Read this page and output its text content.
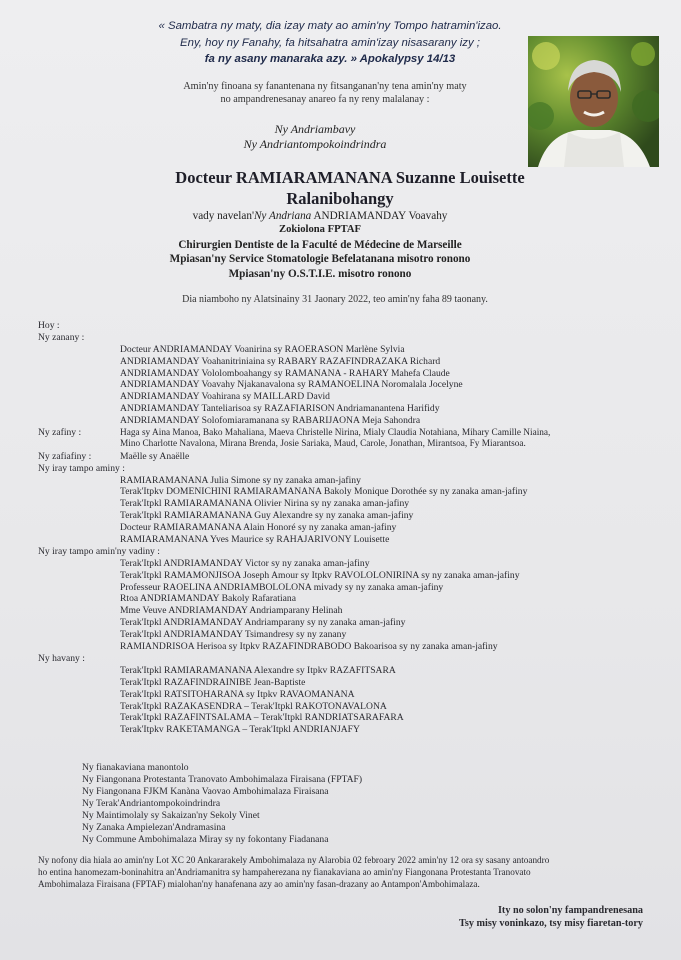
« Sambatra ny maty, dia izay maty ao amin'ny Tompo hatramin'izao.
Eny, hoy ny Fanahy, fa hitsahatra amin'izay nisasarany izy ;
fa ny asany manaraka azy. » Apokalypsy 14/13
Amin'ny finoana sy fanantenana ny fitsanganan'ny tena amin'ny maty
no ampandrenesanay anareo fa ny reny malalanay :
Ny Andriambavy
Ny Andriantompokoindrindra
Docteur RAMIARAMANANA Suzanne Louisette
Ralanibohangy
vady navelan'Ny Andriana ANDRIAMANDAY Voavahy
Zokiolona FPTAF
Chirurgien Dentiste de la Faculté de Médecine de Marseille
Mpiasan'ny Service Stomatologie Befelatanana misotro ronono
Mpiasan'ny O.S.T.I.E. misotro ronono
Dia niamboho ny Alatsinainy 31 Jaonary 2022, teo amin'ny faha 89 taonany.
Hoy :
Ny zanany :
Docteur ANDRIAMANDAY Voanirina sy RAOERASON Marlène Sylvia
ANDRIAMANDAY Voahanitriniaina sy RABARY RAZAFINDRAZAKA Richard
ANDRIAMANDAY Vololomboahangy sy RAMANANA - RAHARY Mahefa Claude
ANDRIAMANDAY Voavahy Njakanavalona sy RAMANOELINA Noromalala Jocelyne
ANDRIAMANDAY Voahirana sy MAILLARD David
ANDRIAMANDAY Tanteliarisoa sy RAZAFIARISON Andriamanantena Harifidy
ANDRIAMANDAY Solofomiaramanana sy RABARIJAONA Meja Sahondra
Ny zafiny :	Haga sy Aina Manoa, Bako Mahaliana, Maeva Christelle Nirina, Mialy Claudia Notahiana, Mihary Camille Niaina,
Mino Charlotte Navalona, Mirana Brenda, Josie Sariaka, Maud, Carole, Jonathan, Mirantsoa, Fy Miarantsoa.
Ny zafiafiny :	Maëlle sy Anaëlle
Ny iray tampo aminy :
RAMIARAMANANA Julia Simone sy ny zanaka aman-jafiny
Terak'Itpkv DOMENICHINI RAMIARAMANANA Bakoly Monique Dorothée sy ny zanaka aman-jafiny
Terak'Itpkl RAMIARAMANANA Olivier Nirina sy ny zanaka aman-jafiny
Terak'Itpkl RAMIARAMANANA Guy Alexandre sy ny zanaka aman-jafiny
Docteur RAMIARAMANANA Alain Honoré sy ny zanaka aman-jafiny
RAMIARAMANANA Yves Maurice sy RAHAJARIVONY Louisette
Ny iray tampo amin'ny vadiny :
Terak'Itpkl ANDRIAMANDAY Victor sy ny zanaka aman-jafiny
Terak'Itpkl RAMAMONJISOA Joseph Amour sy Itpkv RAVOLOLONIRINA sy ny zanaka aman-jafiny
Professeur RAOELINA ANDRIAMBOLOLONA mivady sy ny zanaka aman-jafiny
Rtoa ANDRIAMANDAY Bakoly Rafaratiana
Mme Veuve ANDRIAMANDAY Andriamparany Helinah
Terak'Itpkl ANDRIAMANDAY Andriamparany sy ny zanaka aman-jafiny
Terak'Itpkl ANDRIAMANDAY Tsimandresy sy ny zanany
RAMIANDRISOA Herisoa sy Itpkv RAZAFINDRABODO Bakoarisoa sy ny zanaka aman-jafiny
Ny havany :
Terak'Itpkl RAMIARAMANANA Alexandre sy Itpkv RAZAFITSARA
Terak'Itpkl RAZAFINDRAINIBE Jean-Baptiste
Terak'Itpkl RATSITOHARANA sy Itpkv RAVAOMANANA
Terak'Itpkl RAZAKASENDRA – Terak'Itpkl RAKOTONAVALONA
Terak'Itpkl RAZAFINTSALAMA – Terak'Itpkl RANDRIATSARAFARA
Terak'Itpkv RAKETAMANGA – Terak'Itpkl ANDRIANJAFY
Ny fianakaviana manontolo
Ny Fiangonana Protestanta Tranovato Ambohimalaza Firaisana (FPTAF)
Ny Fiangonana FJKM Kanàna Vaovao Ambohimalaza Firaisana
Ny Terak'Andriantompokoindrindra
Ny Maintimolaly sy Sakaizan'ny Sekoly Vinet
Ny Zanaka Ampielezan'Andramasina
Ny Commune Ambohimalaza Miray sy ny fokontany Fiadanana
Ny nofony dia hiala ao amin'ny Lot XC 20 Ankararakely Ambohimalaza ny Alarobia 02 febroary 2022 amin'ny 12 ora sy sasany antoandro
ho entina hanomezam-boninahitra an'Andriamanitra sy hampaherezana ny fianakaviana ao amin'ny Fiangonana Protestanta Tranovato
Ambohimalaza Firaisana (FPTAF) mialohan'ny hanafenana azy ao amin'ny fasan-drazany ao Antampon'Ambohimalaza.
Ity no solon'ny fampandrenesana
Tsy misy voninkazo, tsy misy fiaretan-tory
